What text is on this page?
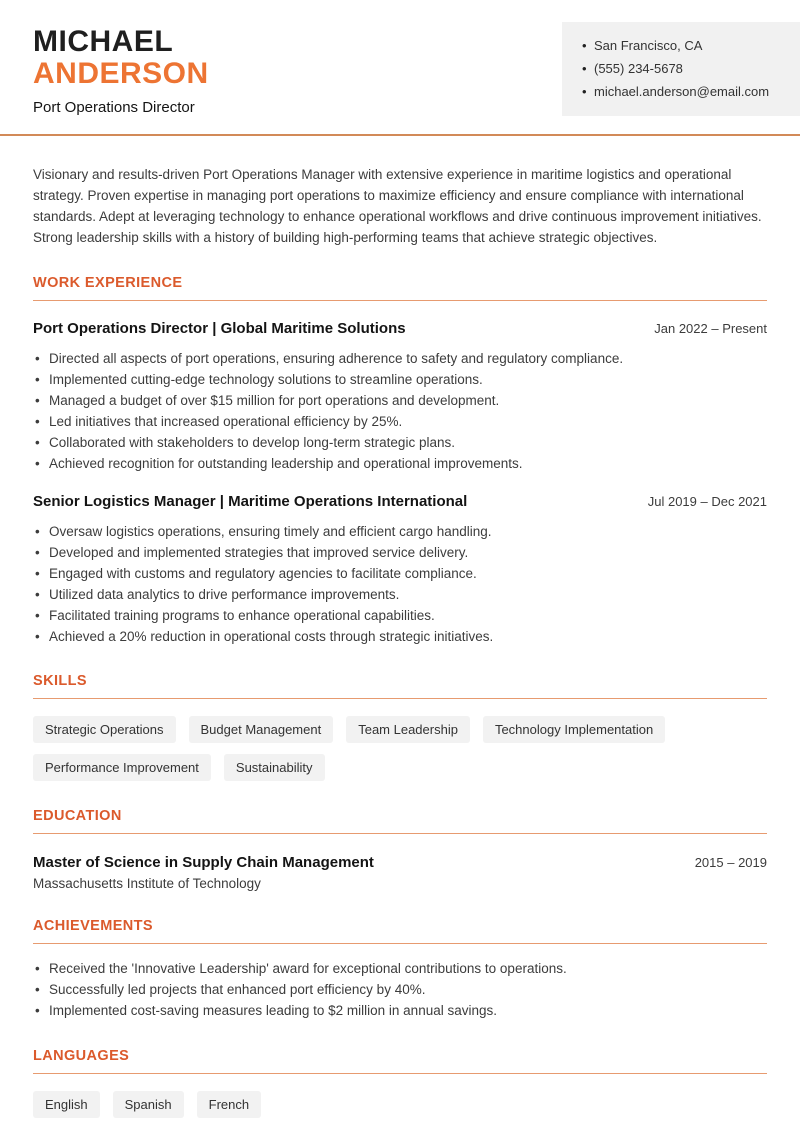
MICHAEL
ANDERSON
Port Operations Director
• San Francisco, CA
• (555) 234-5678
• michael.anderson@email.com

Visionary and results-driven Port Operations Manager with extensive experience in maritime logistics and operational strategy. Proven expertise in managing port operations to maximize efficiency and ensure compliance with international standards. Adept at leveraging technology to enhance operational workflows and drive continuous improvement initiatives. Strong leadership skills with a history of building high-performing teams that achieve strategic objectives.

WORK EXPERIENCE
Port Operations Director | Global Maritime Solutions	Jan 2022 – Present
• Directed all aspects of port operations, ensuring adherence to safety and regulatory compliance.
• Implemented cutting-edge technology solutions to streamline operations.
• Managed a budget of over $15 million for port operations and development.
• Led initiatives that increased operational efficiency by 25%.
• Collaborated with stakeholders to develop long-term strategic plans.
• Achieved recognition for outstanding leadership and operational improvements.
Senior Logistics Manager | Maritime Operations International	Jul 2019 – Dec 2021
• Oversaw logistics operations, ensuring timely and efficient cargo handling.
• Developed and implemented strategies that improved service delivery.
• Engaged with customs and regulatory agencies to facilitate compliance.
• Utilized data analytics to drive performance improvements.
• Facilitated training programs to enhance operational capabilities.
• Achieved a 20% reduction in operational costs through strategic initiatives.
SKILLS
Strategic Operations	Budget Management	Team Leadership	Technology Implementation
Performance Improvement	Sustainability
EDUCATION
Master of Science in Supply Chain Management	2015 – 2019
Massachusetts Institute of Technology
ACHIEVEMENTS
• Received the 'Innovative Leadership' award for exceptional contributions to operations.
• Successfully led projects that enhanced port efficiency by 40%.
• Implemented cost-saving measures leading to $2 million in annual savings.
LANGUAGES
English	Spanish	French
